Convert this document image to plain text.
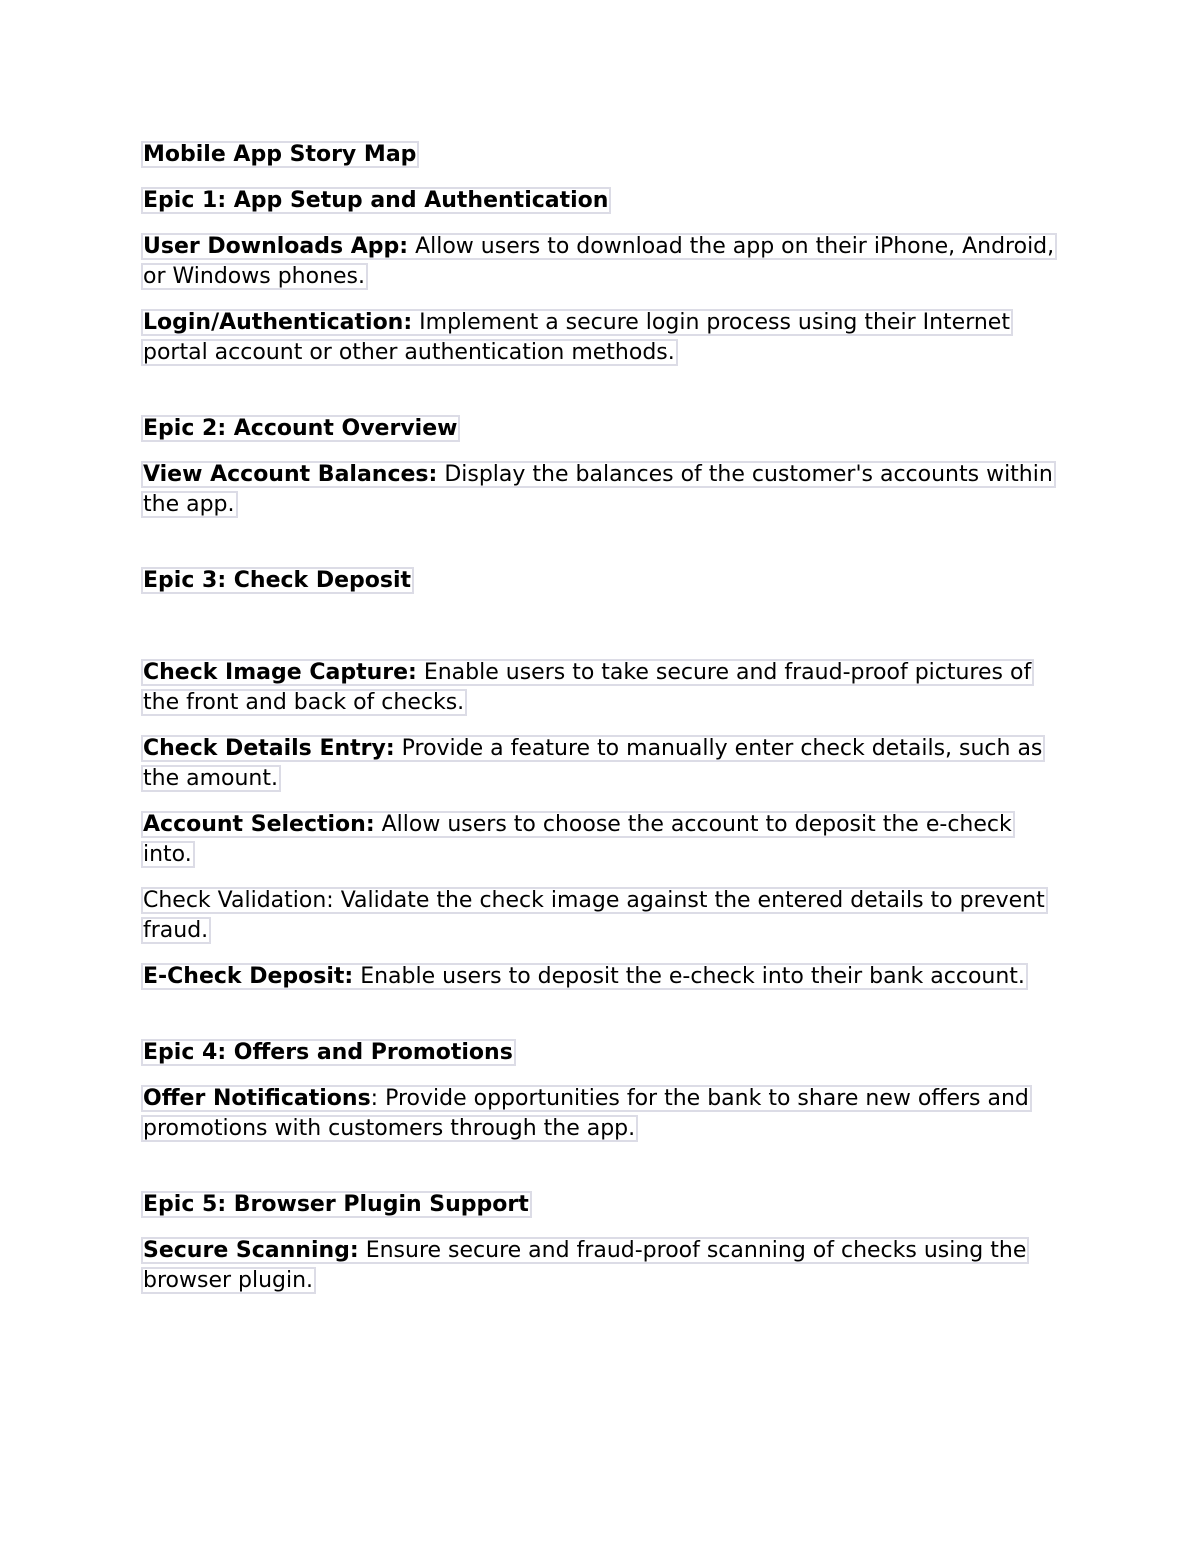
Mobile App Story Map
Epic 1: App Setup and Authentication
User Downloads App: Allow users to download the app on their iPhone, Android, or Windows phones.
Login/Authentication: Implement a secure login process using their Internet portal account or other authentication methods.
Epic 2: Account Overview
View Account Balances: Display the balances of the customer's accounts within the app.
Epic 3: Check Deposit
Check Image Capture: Enable users to take secure and fraud-proof pictures of the front and back of checks.
Check Details Entry: Provide a feature to manually enter check details, such as the amount.
Account Selection: Allow users to choose the account to deposit the e-check into.
Check Validation: Validate the check image against the entered details to prevent fraud.
E-Check Deposit: Enable users to deposit the e-check into their bank account.
Epic 4: Offers and Promotions
Offer Notifications: Provide opportunities for the bank to share new offers and promotions with customers through the app.
Epic 5: Browser Plugin Support
Secure Scanning: Ensure secure and fraud-proof scanning of checks using the browser plugin.
